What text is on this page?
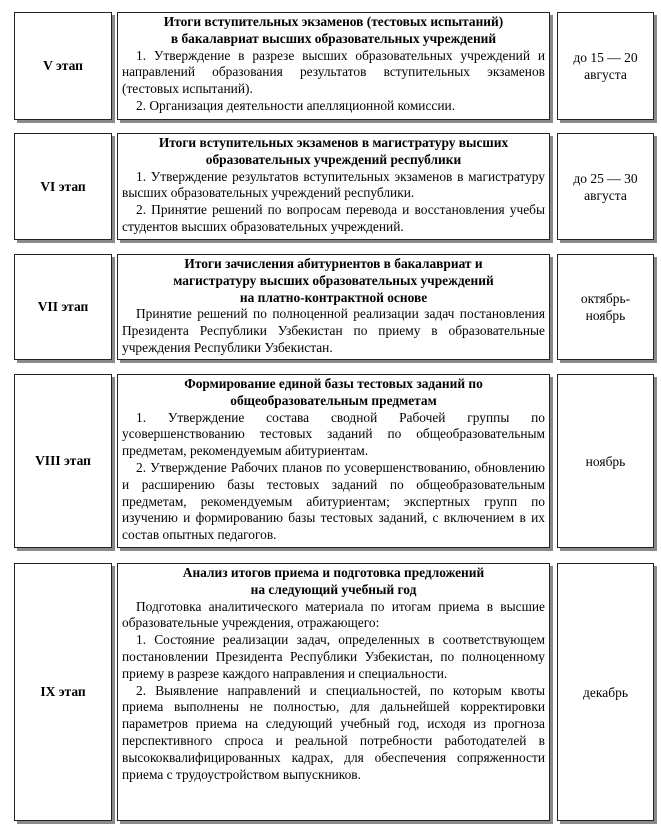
V этап
Итоги вступительных экзаменов (тестовых испытаний)
в бакалавриат высших образовательных учреждений
1. Утверждение в разрезе высших образовательных учреждений и направлений образования результатов вступительных экзаменов (тестовых испытаний).
2. Организация деятельности апелляционной комиссии.
до 15 — 20
августа
VI этап
Итоги вступительных экзаменов в магистратуру высших
образовательных учреждений республики
1. Утверждение результатов вступительных экзаменов в магистратуру высших образовательных учреждений республики.
2. Принятие решений по вопросам перевода и восстановления учебы студентов высших образовательных учреждений.
до 25 — 30
августа
VII этап
Итоги зачисления абитуриентов в бакалавриат и
магистратуру высших образовательных учреждений
на платно-контрактной основе
Принятие решений по полноценной реализации задач постановления Президента Республики Узбекистан по приему в образовательные учреждения Республики Узбекистан.
октябрь-
ноябрь
VIII этап
Формирование единой базы тестовых заданий по
общеобразовательным предметам
1. Утверждение состава сводной Рабочей группы по усовершенствованию тестовых заданий по общеобразовательным предметам, рекомендуемым абитуриентам.
2. Утверждение Рабочих планов по усовершенствованию, обновлению и расширению базы тестовых заданий по общеобразовательным предметам, рекомендуемым абитуриентам; экспертных групп по изучению и формированию базы тестовых заданий, с включением в их состав опытных педагогов.
ноябрь
IX этап
Анализ итогов приема и подготовка предложений
на следующий учебный год
Подготовка аналитического материала по итогам приема в высшие образовательные учреждения, отражающего:
1. Состояние реализации задач, определенных в соответствующем постановлении Президента Республики Узбекистан, по полноценному приему в разрезе каждого направления и специальности.
2. Выявление направлений и специальностей, по которым квоты приема выполнены не полностью, для дальнейшей корректировки параметров приема на следующий учебный год, исходя из прогноза перспективного спроса и реальной потребности работодателей в высококвалифицированных кадрах, для обеспечения сопряженности приема с трудоустройством выпускников.
декабрь
